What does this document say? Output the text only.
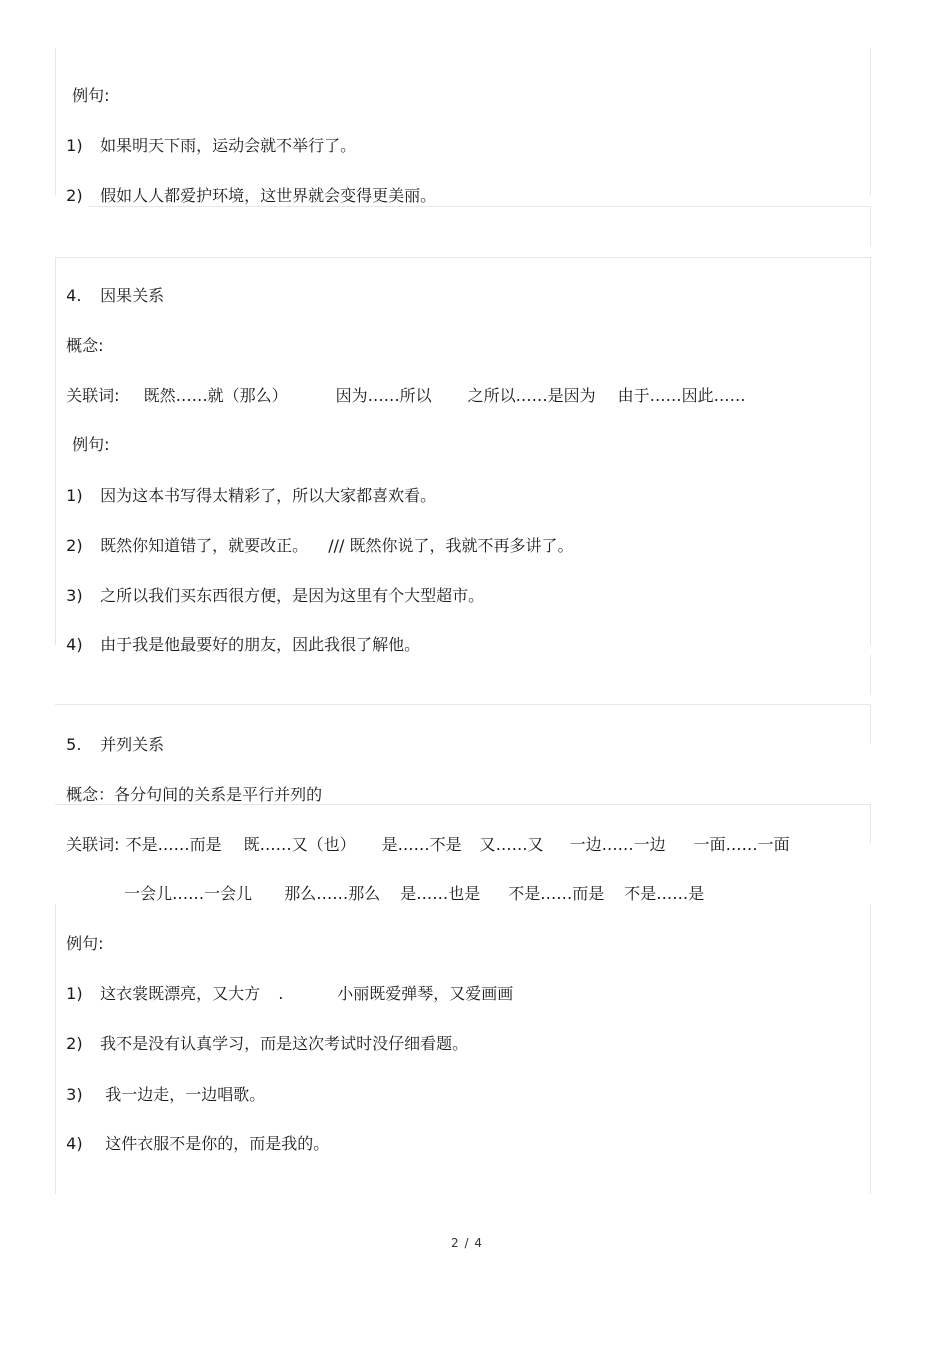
例句:

1) 如果明天下雨，运动会就不举行了。

2) 假如人人都爱护环境，这世界就会变得更美丽。

4. 因果关系

概念:

关联词: 既然……就（那么）	因为……所以 之所以……是因为 由于……因此……

例句:

1) 因为这本书写得太精彩了，所以大家都喜欢看。

2) 既然你知道错了，就要改正。 /// 既然你说了，我就不再多讲了。

3) 之所以我们买东西很方便，是因为这里有个大型超市。

4) 由于我是他最要好的朋友，因此我很了解他。

5. 并列关系

概念：各分句间的关系是平行并列的

关联词: 不是……而是 既……又（也） 是……不是 又……又 一边……一边 一面……一面

一会儿……一会儿 那么……那么 是……也是 不是……而是 不是……是

例句:

1) 这衣裳既漂亮，又大方 .	小丽既爱弹琴，又爱画画

2) 我不是没有认真学习，而是这次考试时没仔细看题。

3) 我一边走，一边唱歌。

4) 这件衣服不是你的，而是我的。

2 / 4
